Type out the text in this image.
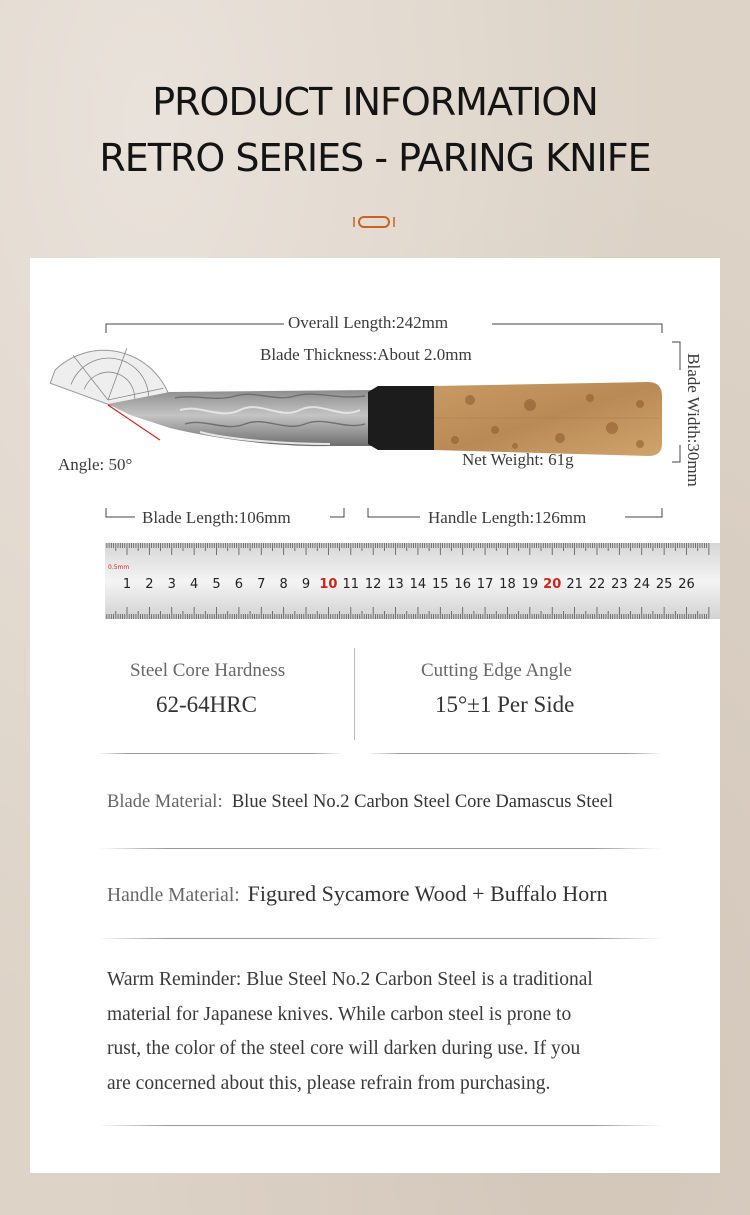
PRODUCT INFORMATION
RETRO SERIES - PARING KNIFE
Overall Length:242mm
Blade Thickness:About 2.0mm
Angle: 50°	Net Weight: 61g	Blade Width:30mm
Blade Length:106mm	Handle Length:126mm
1 2 3 4 5 6 7 8 9 10 11 12 13 14 15 16 17 18 19 20 21 22 23 24 25 26
0.5mm
Steel Core Hardness
62-64HRC
Cutting Edge Angle
15°±1 Per Side
Blade Material: Blue Steel No.2 Carbon Steel Core Damascus Steel
Handle Material: Figured Sycamore Wood + Buffalo Horn
Warm Reminder: Blue Steel No.2 Carbon Steel is a traditional
material for Japanese knives. While carbon steel is prone to
rust, the color of the steel core will darken during use. If you
are concerned about this, please refrain from purchasing.
